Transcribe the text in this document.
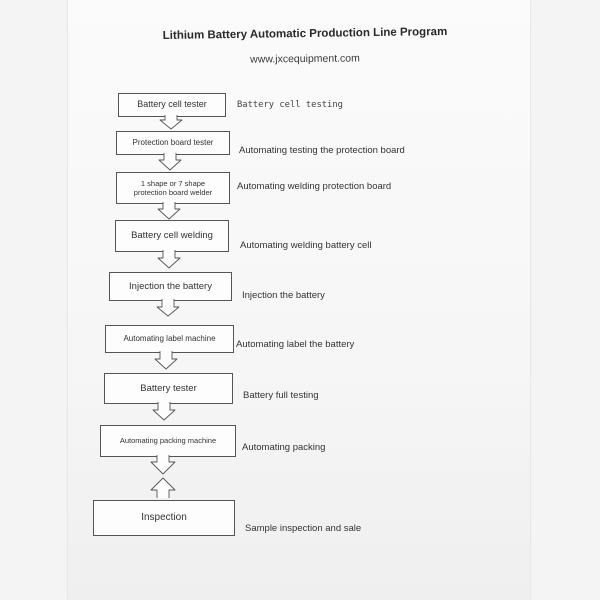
Lithium Battery Automatic Production Line Program
www.jxcequipment.com
Battery cell tester	Battery cell testing
Protection board tester
Automating testing the protection board
1 shape or 7 shape
protection board welder
Automating welding protection board
Battery cell welding
Automating welding battery cell
Injection the battery
Injection the battery
Automating label machine
Automating label the battery
Battery tester
Battery full testing
Automating packing machine
Automating packing
Inspection
Sample inspection and sale
